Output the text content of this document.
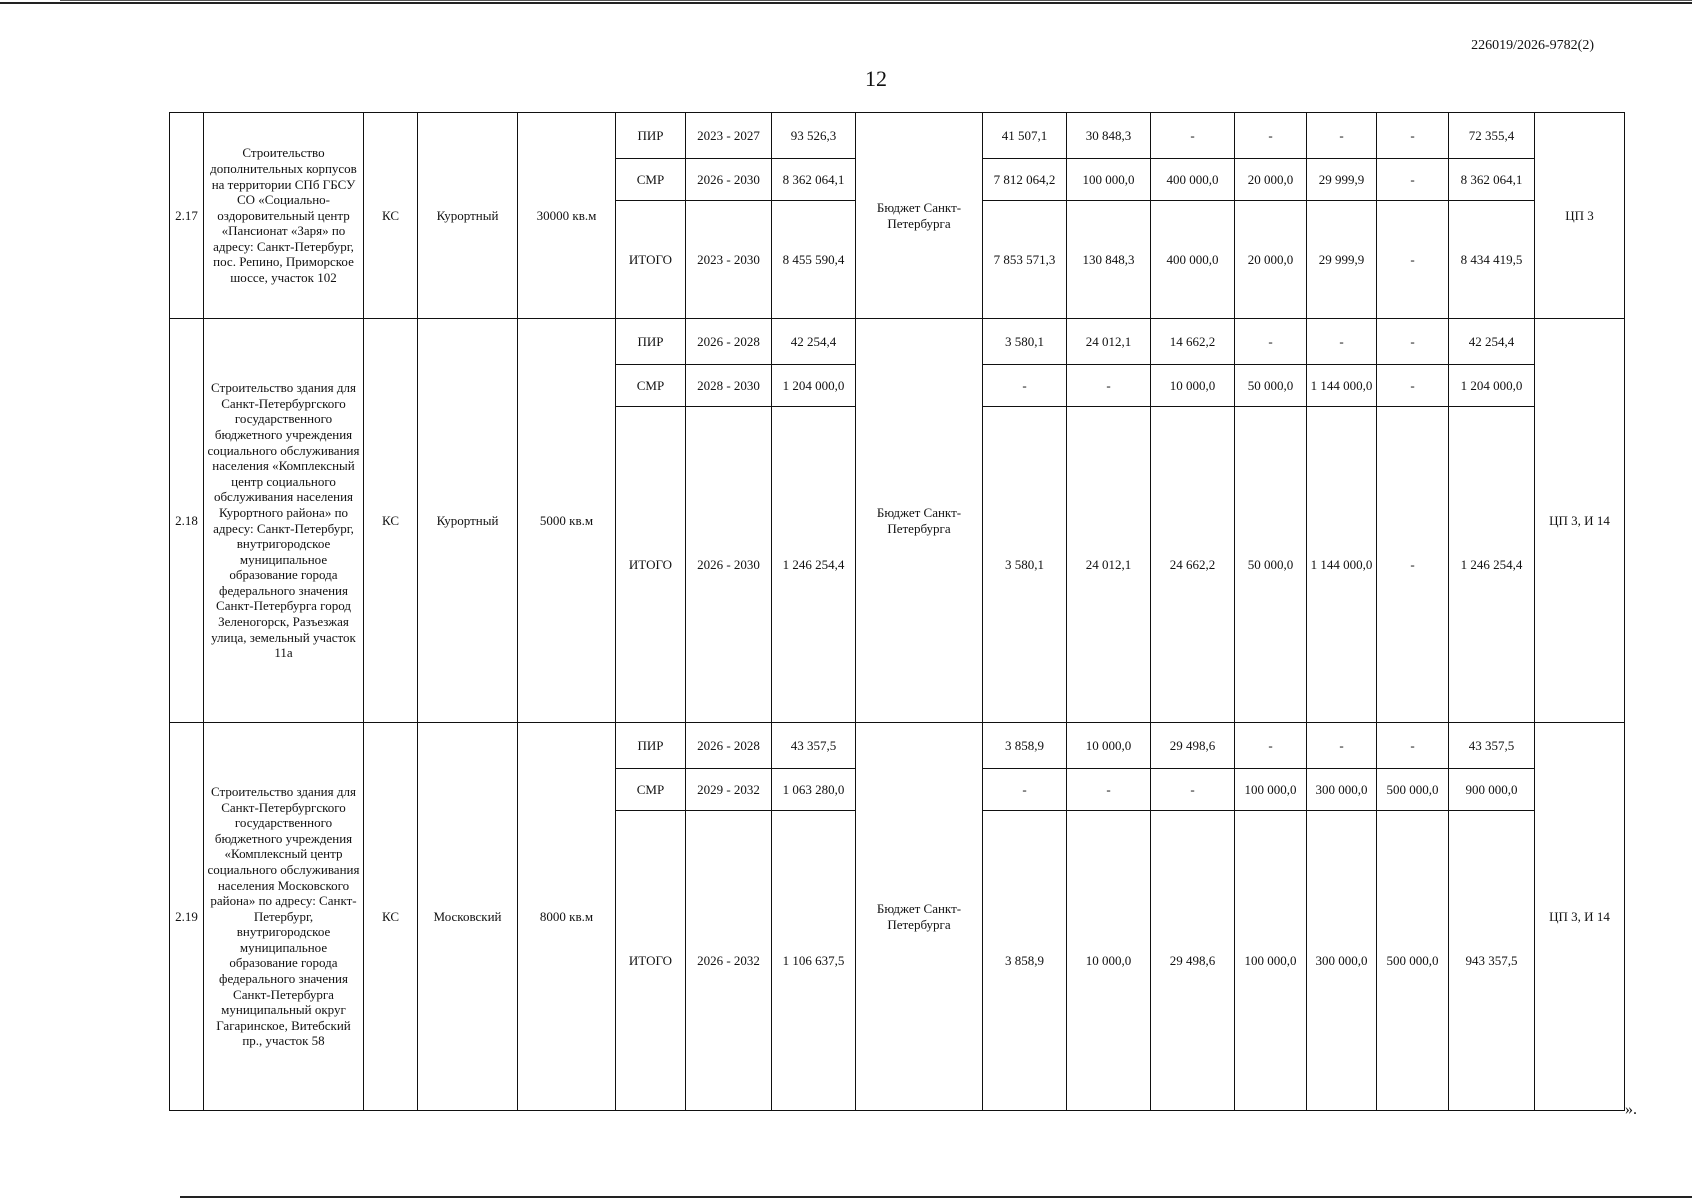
226019/2026-9782(2)
12
2.17	Строительство дополнительных корпусов на территории СПб ГБСУ СО «Социально-оздоровительный центр «Пансионат «Заря» по адресу: Санкт-Петербург, пос. Репино, Приморское шоссе, участок 102	КС	Курортный	30000 кв.м	ПИР	2023 - 2027	93 526,3	Бюджет Санкт-Петербурга	41 507,1	30 848,3	-	-	-	-	72 355,4	ЦП 3
					СМР	2026 - 2030	8 362 064,1		7 812 064,2	100 000,0	400 000,0	20 000,0	29 999,9	-	8 362 064,1	
					ИТОГО	2023 - 2030	8 455 590,4		7 853 571,3	130 848,3	400 000,0	20 000,0	29 999,9	-	8 434 419,5	
2.18	Строительство здания для Санкт-Петербургского государственного бюджетного учреждения социального обслуживания населения «Комплексный центр социального обслуживания населения Курортного района» по адресу: Санкт-Петербург, внутригородское муниципальное образование города федерального значения Санкт-Петербурга город Зеленогорск, Разъезжая улица, земельный участок 11а	КС	Курортный	5000 кв.м	ПИР	2026 - 2028	42 254,4	Бюджет Санкт-Петербурга	3 580,1	24 012,1	14 662,2	-	-	-	42 254,4	ЦП 3, И 14
					СМР	2028 - 2030	1 204 000,0		-	-	10 000,0	50 000,0	1 144 000,0	-	1 204 000,0	
					ИТОГО	2026 - 2030	1 246 254,4		3 580,1	24 012,1	24 662,2	50 000,0	1 144 000,0	-	1 246 254,4	
2.19	Строительство здания для Санкт-Петербургского государственного бюджетного учреждения «Комплексный центр социального обслуживания населения Московского района» по адресу: Санкт-Петербург, внутригородское муниципальное образование города федерального значения Санкт-Петербурга муниципальный округ Гагаринское, Витебский пр., участок 58	КС	Московский	8000 кв.м	ПИР	2026 - 2028	43 357,5	Бюджет Санкт-Петербурга	3 858,9	10 000,0	29 498,6	-	-	-	43 357,5	ЦП 3, И 14
					СМР	2029 - 2032	1 063 280,0		-	-	-	100 000,0	300 000,0	500 000,0	900 000,0	
					ИТОГО	2026 - 2032	1 106 637,5		3 858,9	10 000,0	29 498,6	100 000,0	300 000,0	500 000,0	943 357,5	
».
